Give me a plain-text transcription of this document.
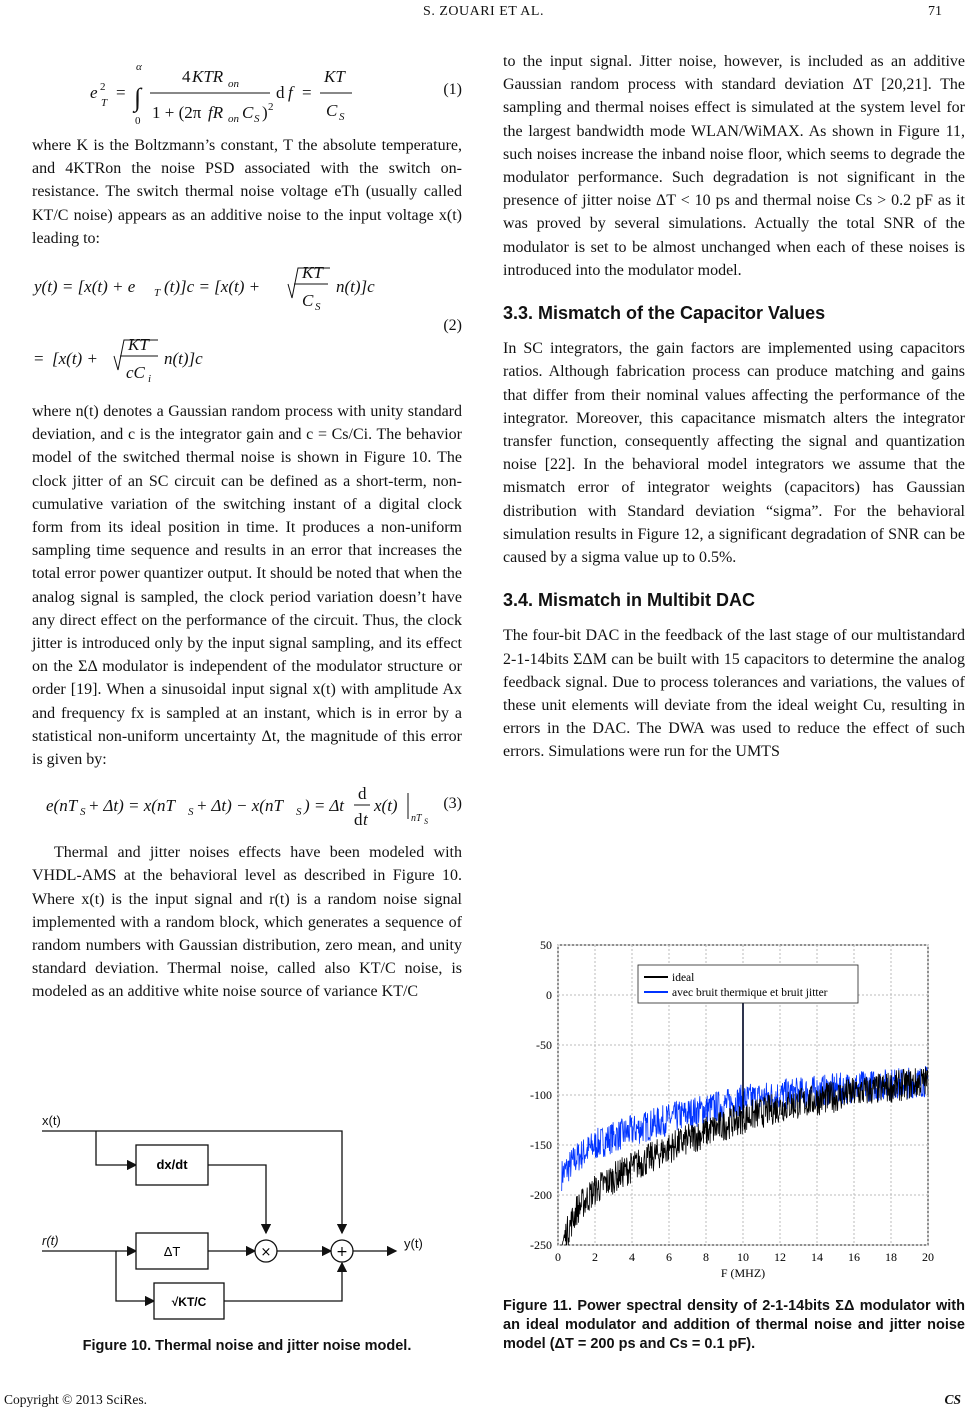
S. ZOUARI ET AL.	71
e 2
T
= ∫
α
0
4 KTR on
1 + (2π fR on C S ) 2
d f =
KT
C S
(1)

where K is the Boltzmann’s constant, T the absolute temperature, and 4KTRon the noise PSD associated with the switch on-resistance. The switch thermal noise voltage eTh (usually called KT/C noise) appears as an additive noise to the input voltage x(t) leading to:

y(t) = [x(t) + e T (t)]c = [x(t) +
KT
C S
n(t)]c
= [x(t) +
KT
cC i
n(t)]c
(2)

where n(t) denotes a Gaussian random process with unity standard deviation, and c is the integrator gain and c = Cs/Ci. The behavior model of the switched thermal noise is shown in Figure 10. The clock jitter of an SC circuit can be defined as a short-term, non-cumulative variation of the switching instant of a digital clock form from its ideal position in time. It produces a non-uniform sampling time sequence and results in an error that increases the total error power quantizer output. It should be noted that when the analog signal is sampled, the clock period variation doesn’t have any direct effect on the performance of the circuit. Thus, the clock jitter is introduced only by the input signal sampling, and its effect on the ΣΔ modulator is independent of the modulator structure or order [19]. When a sinusoidal input signal x(t) with amplitude Ax and frequency fx is sampled at an instant, which is in error by a statistical non-uniform uncertainty Δt, the magnitude of this error is given by:

e(nT S + Δt) = x(nT S + Δt) − x(nT S ) = Δt
d
d t
x(t)
nT S
(3)

Thermal and jitter noises effects have been modeled with VHDL-AMS at the behavioral level as described in Figure 10. Where x(t) is the input signal and r(t) is a random noise signal implemented with a random block, which generates a sequence of random numbers with Gaussian distribution, zero mean, and unity standard deviation. Thermal noise, called also KT/C noise, is modeled as an additive white noise source of variance KT/C

x(t)
r(t)	y(t)
dx/dt
ΔT
√KT/C
×	+
Figure 10. Thermal noise and jitter noise model.

to the input signal. Jitter noise, however, is included as an additive Gaussian random process with standard deviation ΔT [20,21]. The sampling and thermal noises effect is simulated at the system level for the largest bandwidth mode WLAN/WiMAX. As shown in Figure 11, such noises increase the inband noise floor, which seems to degrade the modulator performance. Such degradation is not significant in the presence of jitter noise ΔT < 10 ps and thermal noise Cs > 0.2 pF as it was proved by several simulations. Actually the total SNR of the modulator is set to be almost unchanged when each of these noises is introduced into the modulator model.

3.3. Mismatch of the Capacitor Values

In SC integrators, the gain factors are implemented using capacitors ratios. Although fabrication process can produce matching and gains that differ from their nominal values affecting the performance of the integrator. Moreover, this capacitance mismatch alters the integrator transfer function, consequently affecting the signal and quantization noise [22]. In the behavioral model integrators we assume that the mismatch error of integrator weights (capacitors) has Gaussian distribution with Standard deviation “sigma”. For the behavioral simulation results in Figure 12, a significant degradation of SNR can be caused by a sigma value up to 0.5%.

3.4. Mismatch in Multibit DAC

The four-bit DAC in the feedback of the last stage of our multistandard 2-1-14bits ΣΔM can be built with 15 capacitors to determine the analog feedback signal. Due to process tolerances and variations, the values of these unit elements will deviate from the ideal weight Cu, resulting in errors in the DAC. The DWA was used to reduce the effect of such errors. Simulations were run for the UMTS

50
0
-50
-100
-150
-200
-250
0	2	4	6	8 10 12 14 16 18 20
F (MHZ)
ideal
avec bruit thermique et bruit jitter
Figure 11. Power spectral density of 2-1-14bits ΣΔ modulator with an ideal modulator and addition of thermal noise and jitter noise model (ΔT = 200 ps and Cs = 0.1 pF).
Copyright © 2013 SciRes.	CS
